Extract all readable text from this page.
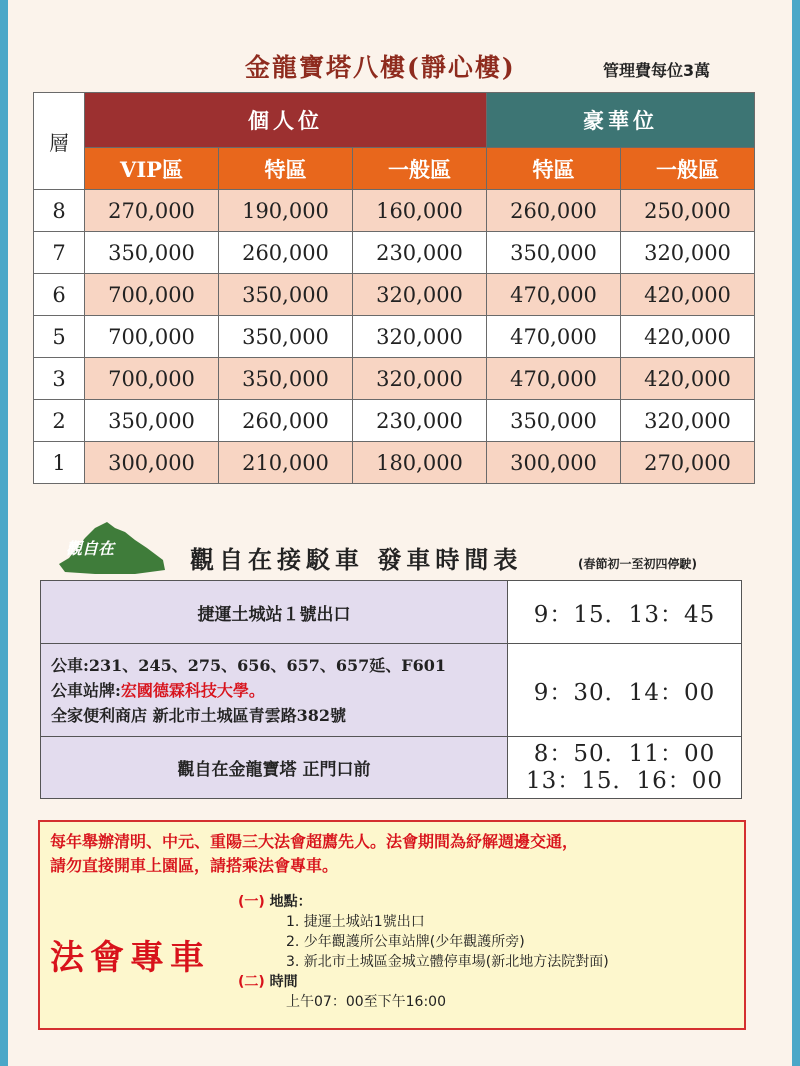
金龍寶塔八樓(靜心樓)	管理費每位3萬
層	個人位			豪華位	
	VIP區	特區	一般區	特區	一般區
8	270,000	190,000	160,000	260,000	250,000
7	350,000	260,000	230,000	350,000	320,000
6	700,000	350,000	320,000	470,000	420,000
5	700,000	350,000	320,000	470,000	420,000
3	700,000	350,000	320,000	470,000	420,000
2	350,000	260,000	230,000	350,000	320,000
1	300,000	210,000	180,000	300,000	270,000
觀自在	觀自在接駁車 發車時間表	(春節初一至初四停駛)
捷運土城站１號出口	9：15．13：45

公車:231、245、275、656、657、657延、F601
公車站牌:宏國德霖科技大學。
全家便利商店 新北市土城區青雲路382號	9：30．14：00
觀自在金龍寶塔 正門口前	8：50．11：00
13：15．16：00
每年舉辦清明、中元、重陽三大法會超薦先人。法會期間為紓解週邊交通，
請勿直接開車上園區，請搭乘法會專車。
法會專車
(一) 地點：
1. 捷運土城站1號出口
2. 少年觀護所公車站牌(少年觀護所旁)
3. 新北市土城區金城立體停車場(新北地方法院對面)
(二) 時間
上午07：00至下午16:00
